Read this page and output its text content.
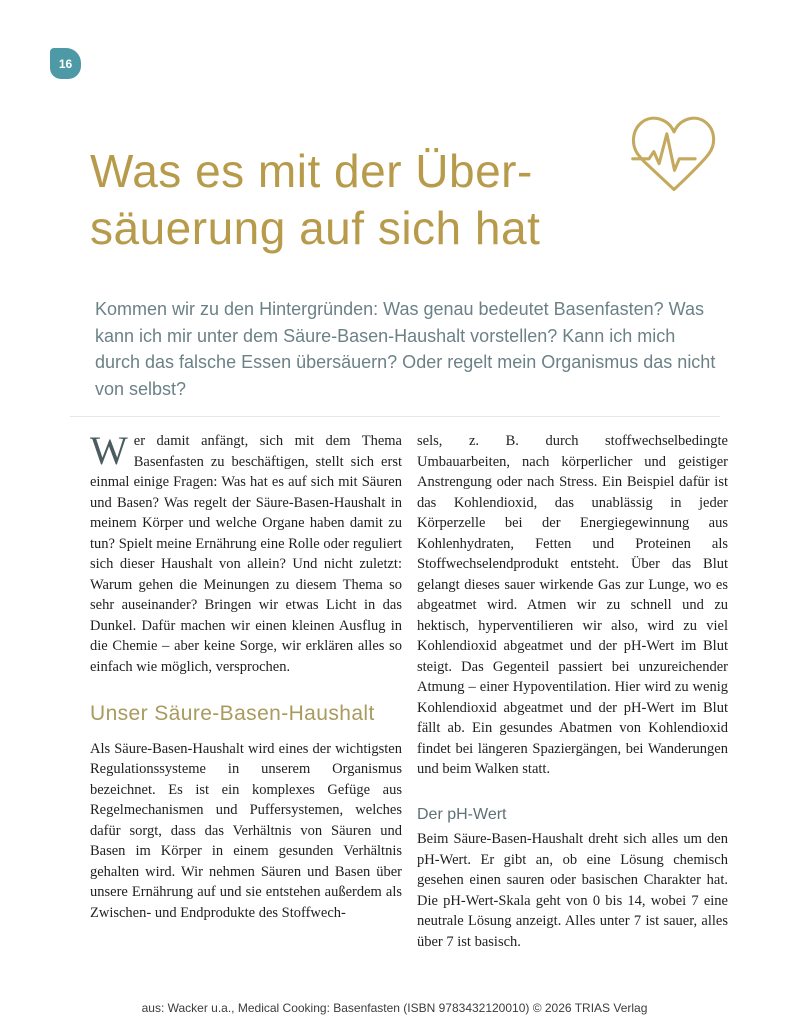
16
Was es mit der Über-
säuerung auf sich hat

Kommen wir zu den Hintergründen: Was genau bedeutet Basenfasten? Was kann ich mir unter dem Säure-Basen-Haushalt vorstellen? Kann ich mich durch das falsche Essen übersäuern? Oder regelt mein Organismus das nicht von selbst?

Wer damit anfängt, sich mit dem Thema Basenfasten zu beschäftigen, stellt sich erst einmal einige Fragen: Was hat es auf sich mit Säuren und Basen? Was regelt der Säure-Basen-Haushalt in meinem Körper und welche Organe haben damit zu tun? Spielt meine Ernährung eine Rolle oder reguliert sich dieser Haushalt von allein? Und nicht zuletzt: Warum gehen die Meinungen zu diesem Thema so sehr auseinander? Bringen wir etwas Licht in das Dunkel. Dafür machen wir einen kleinen Ausflug in die Chemie – aber keine Sorge, wir erklären alles so einfach wie möglich, versprochen.

Unser Säure-Basen-Haushalt

Als Säure-Basen-Haushalt wird eines der wichtigsten Regulationssysteme in unserem Organismus bezeichnet. Es ist ein komplexes Gefüge aus Regelmechanismen und Puffersystemen, welches dafür sorgt, dass das Verhältnis von Säuren und Basen im Körper in einem gesunden Verhältnis gehalten wird. Wir nehmen Säuren und Basen über unsere Ernährung auf und sie entstehen außerdem als Zwischen- und Endprodukte des Stoffwech-

sels, z. B. durch stoffwechselbedingte Umbauarbeiten, nach körperlicher und geistiger Anstrengung oder nach Stress. Ein Beispiel dafür ist das Kohlendioxid, das unablässig in jeder Körperzelle bei der Energiegewinnung aus Kohlenhydraten, Fetten und Proteinen als Stoffwechselendprodukt entsteht. Über das Blut gelangt dieses sauer wirkende Gas zur Lunge, wo es abgeatmet wird. Atmen wir zu schnell und zu hektisch, hyperventilieren wir also, wird zu viel Kohlendioxid abgeatmet und der pH-Wert im Blut steigt. Das Gegenteil passiert bei unzureichender Atmung – einer Hypoventilation. Hier wird zu wenig Kohlendioxid abgeatmet und der pH-Wert im Blut fällt ab. Ein gesundes Abatmen von Kohlendioxid findet bei längeren Spaziergängen, bei Wanderungen und beim Walken statt.

Der pH-Wert

Beim Säure-Basen-Haushalt dreht sich alles um den pH-Wert. Er gibt an, ob eine Lösung chemisch gesehen einen sauren oder basischen Charakter hat. Die pH-Wert-Skala geht von 0 bis 14, wobei 7 eine neutrale Lösung anzeigt. Alles unter 7 ist sauer, alles über 7 ist basisch.

aus: Wacker u.a., Medical Cooking: Basenfasten (ISBN 9783432120010) © 2026 TRIAS Verlag
